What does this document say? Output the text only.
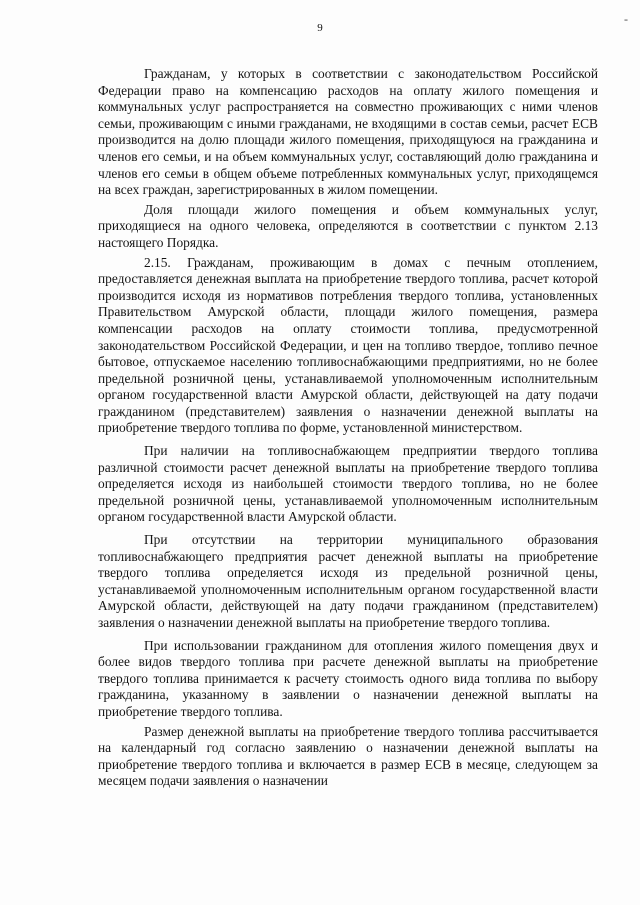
-
9

Гражданам, у которых в соответствии с законодательством Российской Федерации право на компенсацию расходов на оплату жилого помещения и коммунальных услуг распространяется на совместно проживающих с ними членов семьи, проживающим с иными гражданами, не входящими в состав семьи, расчет ЕСВ производится на долю площади жилого помещения, приходящуюся на гражданина и членов его семьи, и на объем коммунальных услуг, составляющий долю гражданина и членов его семьи в общем объеме потребленных коммунальных услуг, приходящемся на всех граждан, зарегистрированных в жилом помещении.

Доля площади жилого помещения и объем коммунальных услуг, приходящиеся на одного человека, определяются в соответствии с пунктом 2.13 настоящего Порядка.

2.15. Гражданам, проживающим в домах с печным отоплением, предоставляется денежная выплата на приобретение твердого топлива, расчет которой производится исходя из нормативов потребления твердого топлива, установленных Правительством Амурской области, площади жилого помещения, размера компенсации расходов на оплату стоимости топлива, предусмотренной законодательством Российской Федерации, и цен на топливо твердое, топливо печное бытовое, отпускаемое населению топливоснабжающими предприятиями, но не более предельной розничной цены, устанавливаемой уполномоченным исполнительным органом государственной власти Амурской области, действующей на дату подачи гражданином (представителем) заявления о назначении денежной выплаты на приобретение твердого топлива по форме, установленной министерством.

При наличии на топливоснабжающем предприятии твердого топлива различной стоимости расчет денежной выплаты на приобретение твердого топлива определяется исходя из наибольшей стоимости твердого топлива, но не более предельной розничной цены, устанавливаемой уполномоченным исполнительным органом государственной власти Амурской области.

При отсутствии на территории муниципального образования топливоснабжающего предприятия расчет денежной выплаты на приобретение твердого топлива определяется исходя из предельной розничной цены, устанавливаемой уполномоченным исполнительным органом государственной власти Амурской области, действующей на дату подачи гражданином (представителем) заявления о назначении денежной выплаты на приобретение твердого топлива.

При использовании гражданином для отопления жилого помещения двух и более видов твердого топлива при расчете денежной выплаты на приобретение твердого топлива принимается к расчету стоимость одного вида топлива по выбору гражданина, указанному в заявлении о назначении денежной выплаты на приобретение твердого топлива.

Размер денежной выплаты на приобретение твердого топлива рассчитывается на календарный год согласно заявлению о назначении денежной выплаты на приобретение твердого топлива и включается в размер ЕСВ в месяце, следующем за месяцем подачи заявления о назначении
